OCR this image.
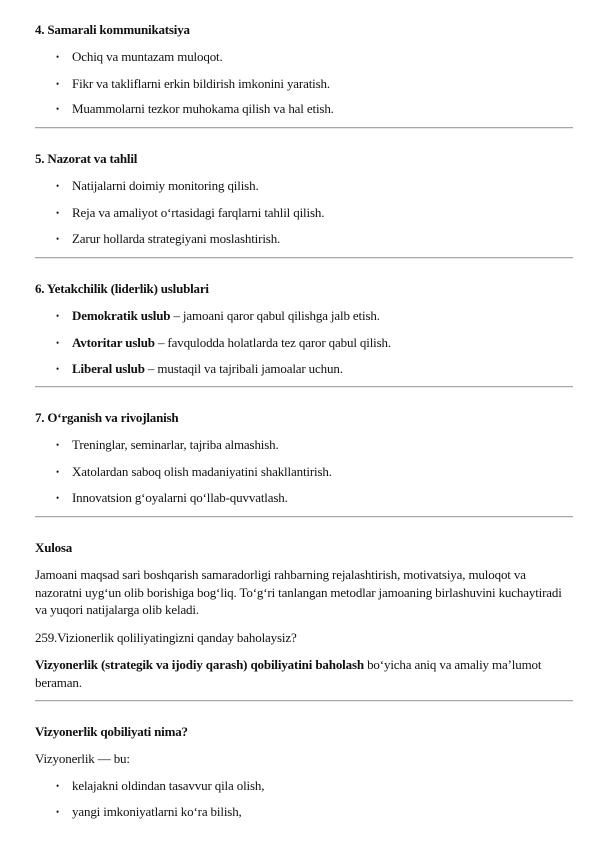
4. Samarali kommunikatsiya
• Ochiq va muntazam muloqot.
• Fikr va takliflarni erkin bildirish imkonini yaratish.
• Muammolarni tezkor muhokama qilish va hal etish.
5. Nazorat va tahlil
• Natijalarni doimiy monitoring qilish.
• Reja va amaliyot o‘rtasidagi farqlarni tahlil qilish.
• Zarur hollarda strategiyani moslashtirish.
6. Yetakchilik (liderlik) uslublari
• Demokratik uslub – jamoani qaror qabul qilishga jalb etish.
• Avtoritar uslub – favqulodda holatlarda tez qaror qabul qilish.
• Liberal uslub – mustaqil va tajribali jamoalar uchun.
7. O‘rganish va rivojlanish
• Treninglar, seminarlar, tajriba almashish.
• Xatolardan saboq olish madaniyatini shakllantirish.
• Innovatsion g‘oyalarni qo‘llab-quvvatlash.
Xulosa
Jamoani maqsad sari boshqarish samaradorligi rahbarning rejalashtirish, motivatsiya, muloqot va nazoratni uyg‘un olib borishiga bog‘liq. To‘g‘ri tanlangan metodlar jamoaning birlashuvini kuchaytiradi va yuqori natijalarga olib keladi.
259.Vizionerlik qoliliyatingizni qanday baholaysiz?
Vizyonerlik (strategik va ijodiy qarash) qobiliyatini baholash bo‘yicha aniq va amaliy ma’lumot beraman.
Vizyonerlik qobiliyati nima?
Vizyonerlik — bu:
• kelajakni oldindan tasavvur qila olish,
• yangi imkoniyatlarni ko‘ra bilish,
